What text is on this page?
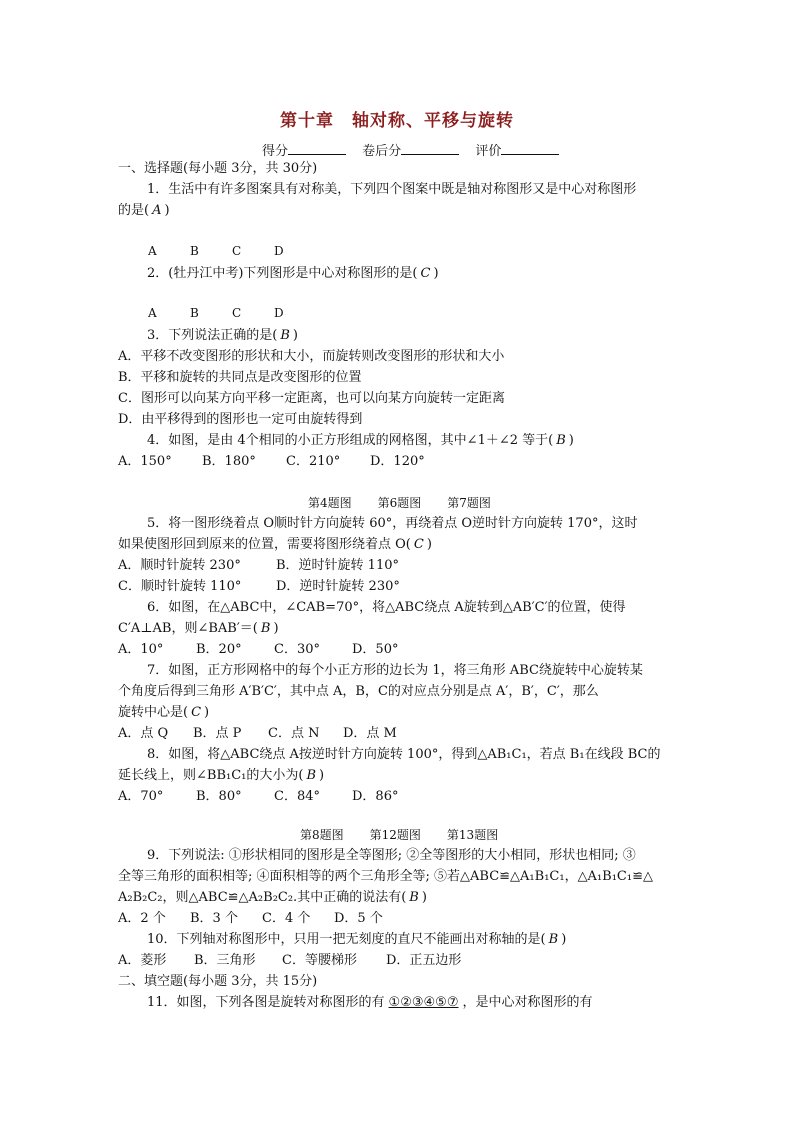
第十章　轴对称、平移与旋转
得分	卷后分	评价
一、选择题(每小题 3分，共 30分)
1．生活中有许多图案具有对称美，下列四个图案中既是轴对称图形又是中心对称图形
的是( A )
A	B	C	D
2．(牡丹江中考)下列图形是中心对称图形的是( C )
A	B	C	D
3．下列说法正确的是( B )
A．平移不改变图形的形状和大小，而旋转则改变图形的形状和大小
B．平移和旋转的共同点是改变图形的位置
C．图形可以向某方向平移一定距离，也可以向某方向旋转一定距离
D．由平移得到的图形也一定可由旋转得到
4．如图，是由 4个相同的小正方形组成的网格图，其中∠1＋∠2 等于( B )
A．150° B．180° C．210° D．120°
第4题图 第6题图 第7题图
5．将一图形绕着点 O顺时针方向旋转 60°，再绕着点 O逆时针方向旋转 170°，这时
如果使图形回到原来的位置，需要将图形绕着点 O( C )
A．顺时针旋转 230°	B．逆时针旋转 110°
C．顺时针旋转 110°	D．逆时针旋转 230°
6．如图，在△ABC中，∠CAB=70°，将△ABC绕点 A旋转到△AB′C′的位置，使得
C′A⊥AB，则∠BAB′＝( B )
A．10°	B．20° C．30° D．50°
7．如图，正方形网格中的每个小正方形的边长为 1，将三角形 ABC绕旋转中心旋转某
个角度后得到三角形 A′B′C′，其中点 A，B，C的对应点分别是点 A′，B′，C′，那么
旋转中心是( C )
A．点 Q B．点 P C．点 N D．点 M
8．如图，将△ABC绕点 A按逆时针方向旋转 100°，得到△AB₁C₁，若点 B₁在线段 BC的
延长线上，则∠BB₁C₁的大小为( B )
A．70°	B．80° C．84° D．86°
第8题图 第12题图 第13题图
9．下列说法: ①形状相同的图形是全等图形; ②全等图形的大小相同，形状也相同; ③
全等三角形的面积相等; ④面积相等的两个三角形全等; ⑤若△ABC≌△A₁B₁C₁，△A₁B₁C₁≌△
A₂B₂C₂，则△ABC≌△A₂B₂C₂.其中正确的说法有( B )
A．2 个 B．3 个 C．4 个 D．5 个
10．下列轴对称图形中，只用一把无刻度的直尺不能画出对称轴的是( B )
A．菱形 B．三角形 C．等腰梯形 D．正五边形
二、填空题(每小题 3分，共 15分)
11．如图，下列各图是旋转对称图形的有 ①②③④⑤⑦ ，是中心对称图形的有
